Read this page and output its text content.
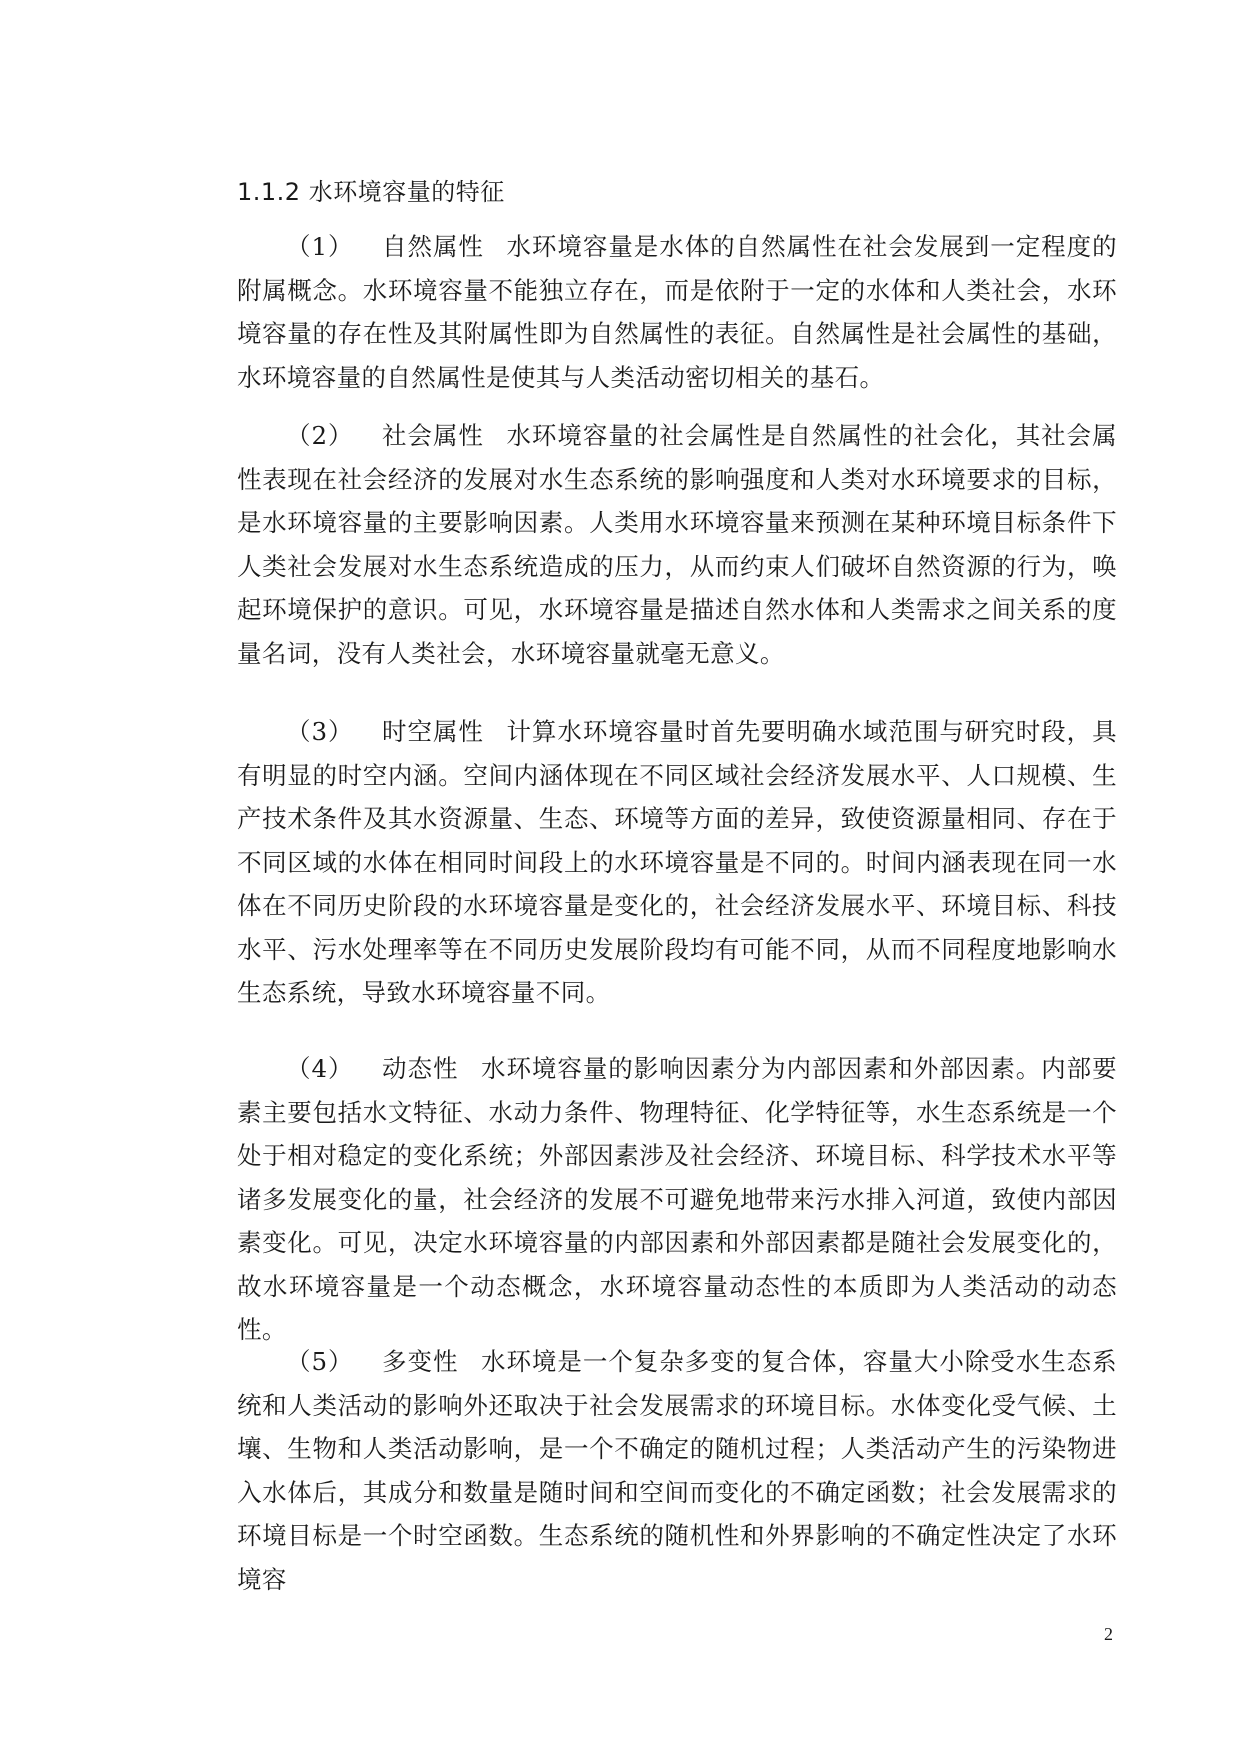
1.1.2 水环境容量的特征

（1） 自然属性 水环境容量是水体的自然属性在社会发展到一定程度的附属概念。水环境容量不能独立存在，而是依附于一定的水体和人类社会，水环境容量的存在性及其附属性即为自然属性的表征。自然属性是社会属性的基础，水环境容量的自然属性是使其与人类活动密切相关的基石。

（2） 社会属性 水环境容量的社会属性是自然属性的社会化，其社会属性表现在社会经济的发展对水生态系统的影响强度和人类对水环境要求的目标，是水环境容量的主要影响因素。人类用水环境容量来预测在某种环境目标条件下人类社会发展对水生态系统造成的压力，从而约束人们破坏自然资源的行为，唤起环境保护的意识。可见，水环境容量是描述自然水体和人类需求之间关系的度量名词，没有人类社会，水环境容量就毫无意义。

（3） 时空属性 计算水环境容量时首先要明确水域范围与研究时段，具有明显的时空内涵。空间内涵体现在不同区域社会经济发展水平、人口规模、生产技术条件及其水资源量、生态、环境等方面的差异，致使资源量相同、存在于不同区域的水体在相同时间段上的水环境容量是不同的。时间内涵表现在同一水体在不同历史阶段的水环境容量是变化的，社会经济发展水平、环境目标、科技水平、污水处理率等在不同历史发展阶段均有可能不同，从而不同程度地影响水生态系统，导致水环境容量不同。

（4） 动态性 水环境容量的影响因素分为内部因素和外部因素。内部要素主要包括水文特征、水动力条件、物理特征、化学特征等，水生态系统是一个处于相对稳定的变化系统；外部因素涉及社会经济、环境目标、科学技术水平等诸多发展变化的量，社会经济的发展不可避免地带来污水排入河道，致使内部因素变化。可见，决定水环境容量的内部因素和外部因素都是随社会发展变化的，故水环境容量是一个动态概念，水环境容量动态性的本质即为人类活动的动态性。

（5） 多变性 水环境是一个复杂多变的复合体，容量大小除受水生态系统和人类活动的影响外还取决于社会发展需求的环境目标。水体变化受气候、土壤、生物和人类活动影响，是一个不确定的随机过程；人类活动产生的污染物进入水体后，其成分和数量是随时间和空间而变化的不确定函数；社会发展需求的环境目标是一个时空函数。生态系统的随机性和外界影响的不确定性决定了水环境容

2
